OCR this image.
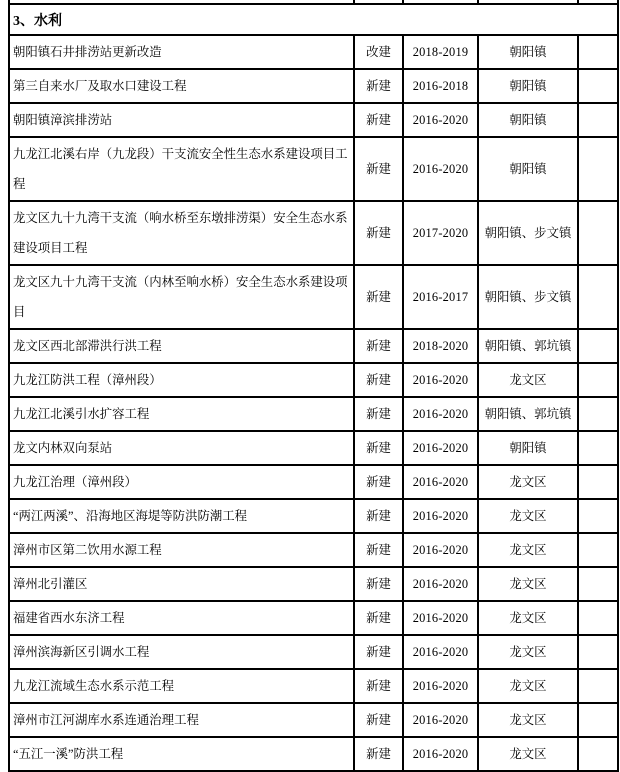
3、水利				
朝阳镇石井排涝站更新改造	改建	2018-2019	朝阳镇	
第三自来水厂及取水口建设工程	新建	2016-2018	朝阳镇	
朝阳镇漳滨排涝站	新建	2016-2020	朝阳镇	
九龙江北溪右岸（九龙段）干支流安全性生态水系建设项目工程	新建	2016-2020	朝阳镇	
龙文区九十九湾干支流（响水桥至东墩排涝渠）安全生态水系建设项目工程	新建	2017-2020	朝阳镇、步文镇	
龙文区九十九湾干支流（内林至响水桥）安全生态水系建设项目	新建	2016-2017	朝阳镇、步文镇	
龙文区西北部滞洪行洪工程	新建	2018-2020	朝阳镇、郭坑镇	
九龙江防洪工程（漳州段）	新建	2016-2020	龙文区	
九龙江北溪引水扩容工程	新建	2016-2020	朝阳镇、郭坑镇	
龙文内林双向泵站	新建	2016-2020	朝阳镇	
九龙江治理（漳州段）	新建	2016-2020	龙文区	
“两江两溪”、沿海地区海堤等防洪防潮工程	新建	2016-2020	龙文区	
漳州市区第二饮用水源工程	新建	2016-2020	龙文区	
漳州北引灌区	新建	2016-2020	龙文区	
福建省西水东济工程	新建	2016-2020	龙文区	
漳州滨海新区引调水工程	新建	2016-2020	龙文区	
九龙江流域生态水系示范工程	新建	2016-2020	龙文区	
漳州市江河湖库水系连通治理工程	新建	2016-2020	龙文区	
“五江一溪”防洪工程	新建	2016-2020	龙文区	
